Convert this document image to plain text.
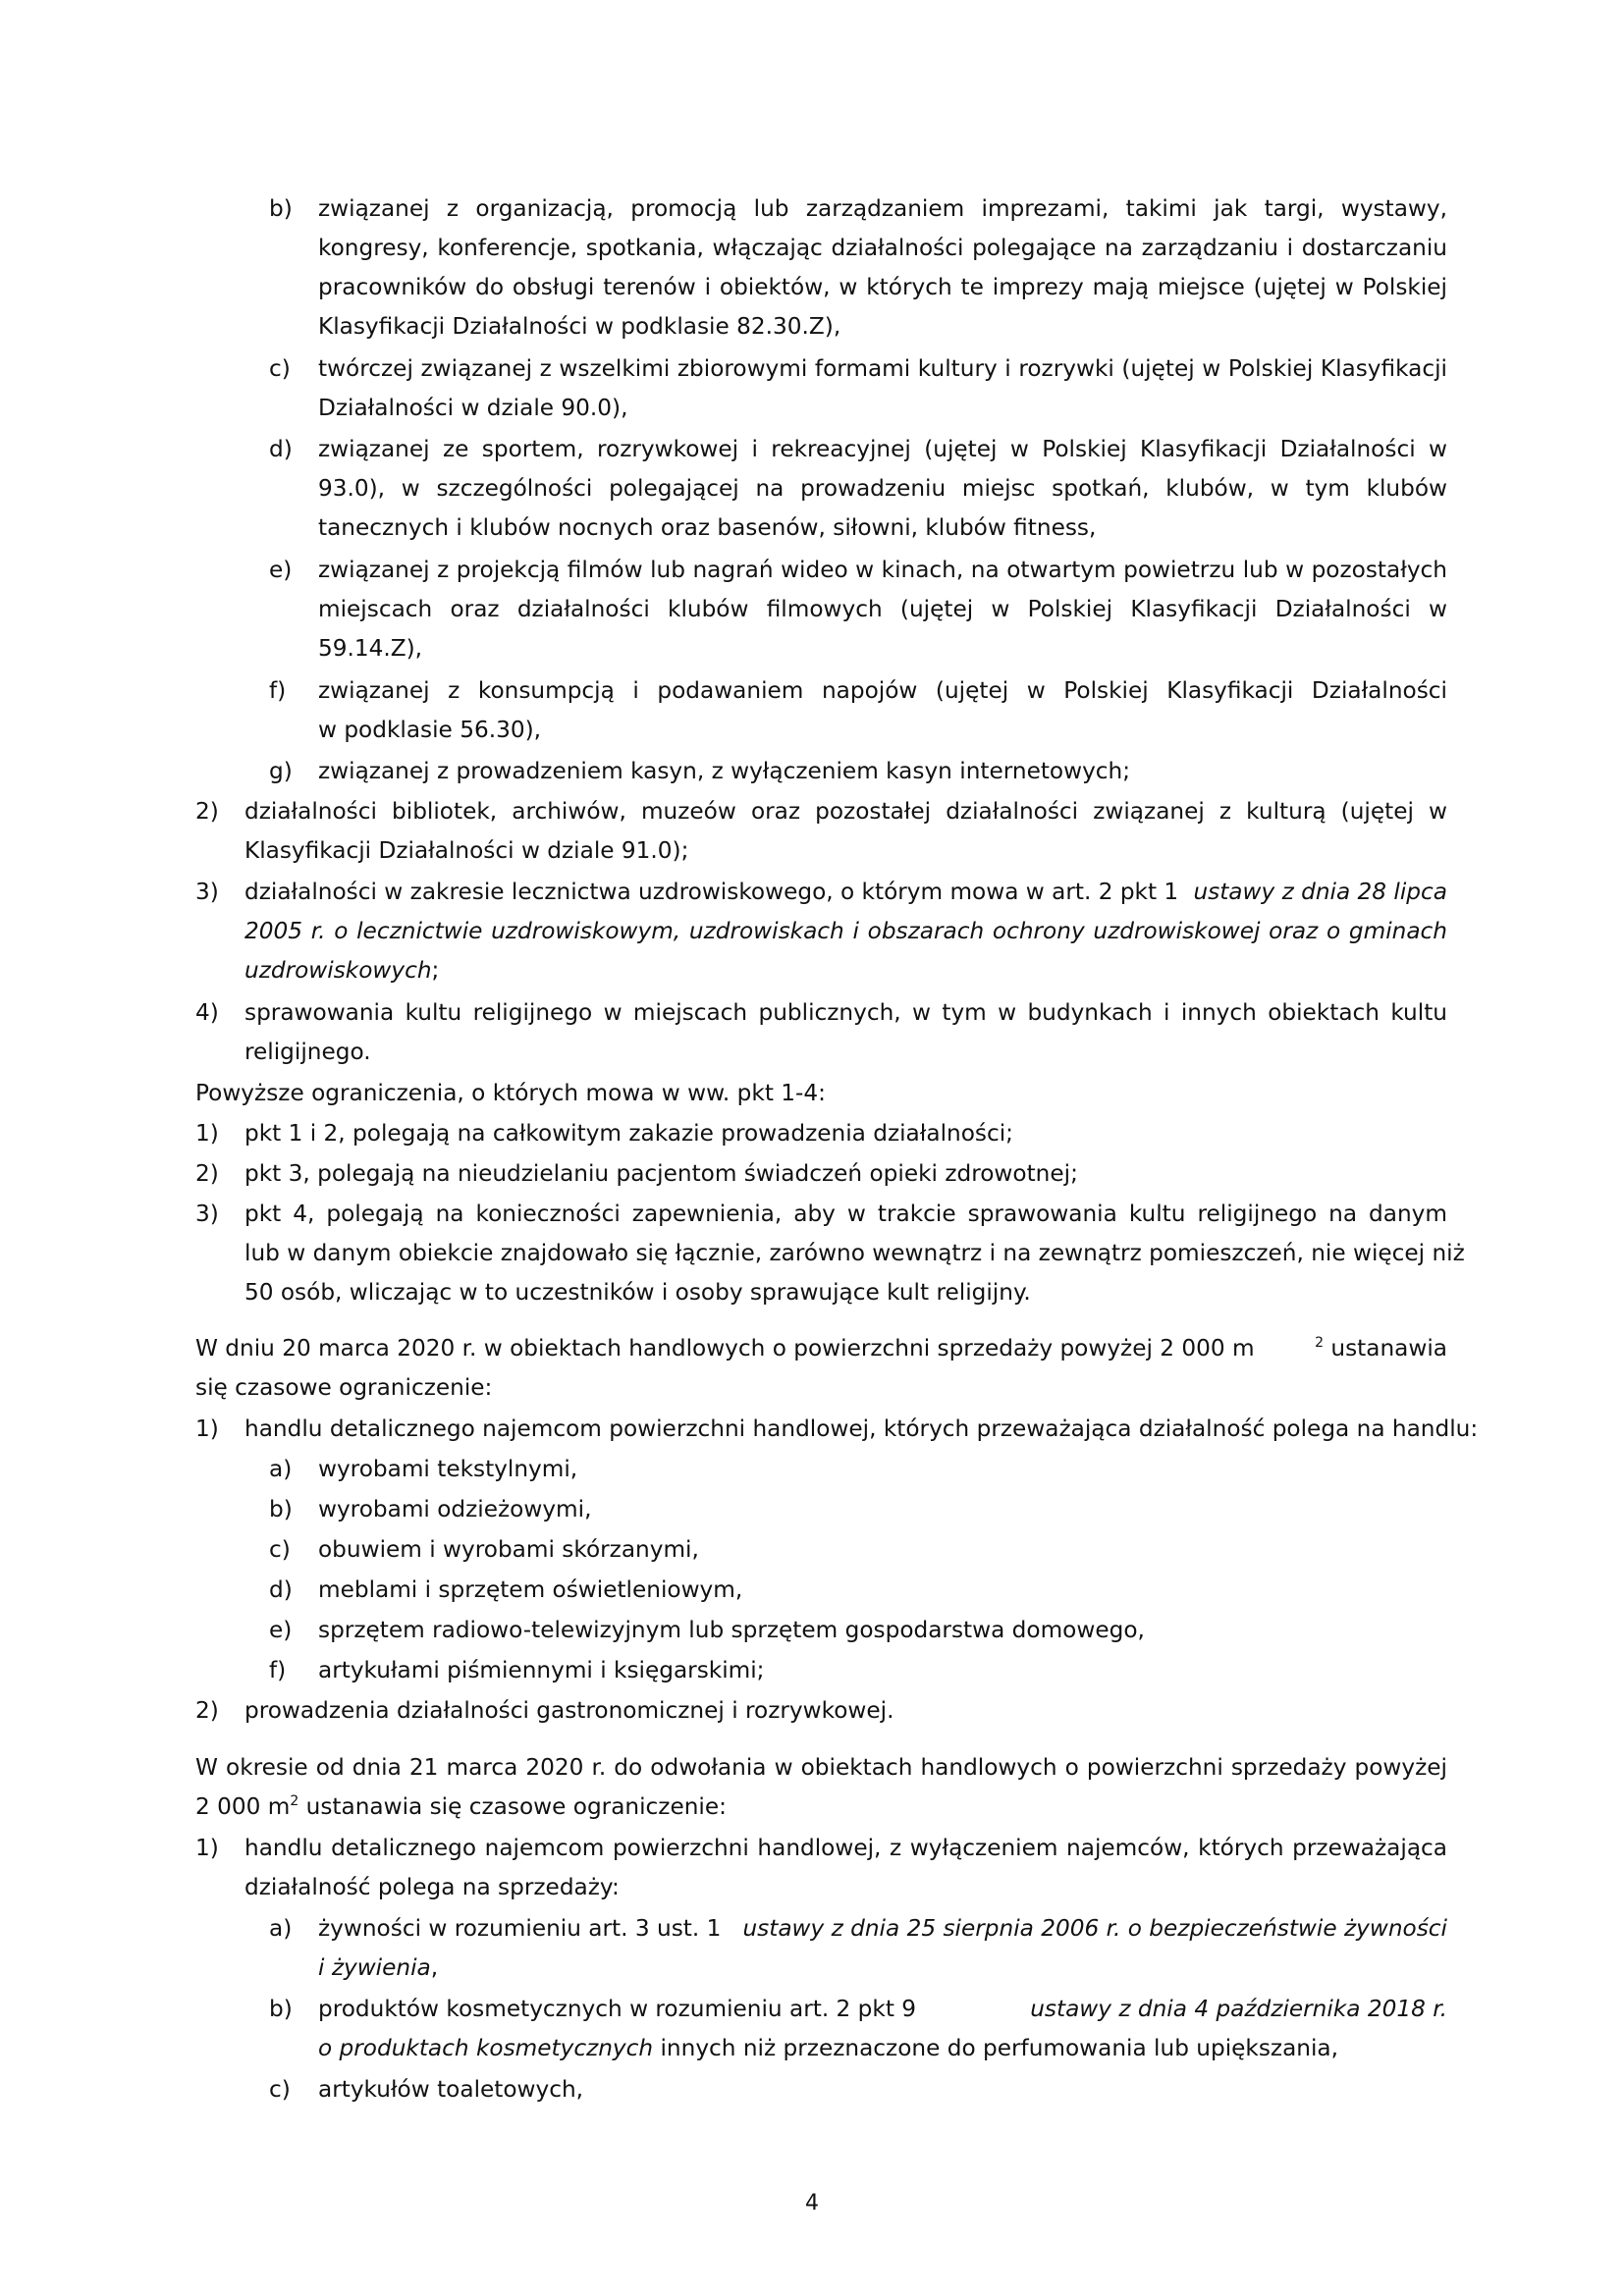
b) związanej z organizacją, promocją lub zarządzaniem imprezami, takimi jak targi, wystawy,
kongresy, konferencje, spotkania, włączając działalności polegające na zarządzaniu i dostarczaniu
pracowników do obsługi terenów i obiektów, w których te imprezy mają miejsce (ujętej w Polskiej
Klasyfikacji Działalności w podklasie 82.30.Z),
c) twórczej związanej z wszelkimi zbiorowymi formami kultury i rozrywki (ujętej w Polskiej Klasyfikacji
Działalności w dziale 90.0),
d) związanej ze sportem, rozrywkowej i rekreacyjnej (ujętej w Polskiej Klasyfikacji Działalności w
93.0), w szczególności polegającej na prowadzeniu miejsc spotkań, klubów, w tym klubów
tanecznych i klubów nocnych oraz basenów, siłowni, klubów fitness,
e) związanej z projekcją filmów lub nagrań wideo w kinach, na otwartym powietrzu lub w pozostałych
miejscach oraz działalności klubów filmowych (ujętej w Polskiej Klasyfikacji Działalności w
59.14.Z),
f) związanej z konsumpcją i podawaniem napojów (ujętej w Polskiej Klasyfikacji Działalności
w podklasie 56.30),
g) związanej z prowadzeniem kasyn, z wyłączeniem kasyn internetowych;
2) działalności bibliotek, archiwów, muzeów oraz pozostałej działalności związanej z kulturą (ujętej w
Klasyfikacji Działalności w dziale 91.0);
3) działalności w zakresie lecznictwa uzdrowiskowego, o którym mowa w art. 2 pkt 1 ustawy z dnia 28 lipca
2005 r. o lecznictwie uzdrowiskowym, uzdrowiskach i obszarach ochrony uzdrowiskowej oraz o gminach
uzdrowiskowych;
4) sprawowania kultu religijnego w miejscach publicznych, w tym w budynkach i innych obiektach kultu
religijnego.
Powyższe ograniczenia, o których mowa w ww. pkt 1-4:
1) pkt 1 i 2, polegają na całkowitym zakazie prowadzenia działalności;
2) pkt 3, polegają na nieudzielaniu pacjentom świadczeń opieki zdrowotnej;
3) pkt 4, polegają na konieczności zapewnienia, aby w trakcie sprawowania kultu religijnego na danym
lub w danym obiekcie znajdowało się łącznie, zarówno wewnątrz i na zewnątrz pomieszczeń, nie więcej niż
50 osób, wliczając w to uczestników i osoby sprawujące kult religijny.
W dniu 20 marca 2020 r. w obiektach handlowych o powierzchni sprzedaży powyżej 2 000 m	$^2$ ustanawia
się czasowe ograniczenie:
1) handlu detalicznego najemcom powierzchni handlowej, których przeważająca działalność polega na handlu:
a) wyrobami tekstylnymi,
b) wyrobami odzieżowymi,
c) obuwiem i wyrobami skórzanymi,
d) meblami i sprzętem oświetleniowym,
e) sprzętem radiowo-telewizyjnym lub sprzętem gospodarstwa domowego,
f) artykułami piśmiennymi i księgarskimi;
2) prowadzenia działalności gastronomicznej i rozrywkowej.
W okresie od dnia 21 marca 2020 r. do odwołania w obiektach handlowych o powierzchni sprzedaży powyżej
2 000 $m^2$ ustanawia się czasowe ograniczenie:
1) handlu detalicznego najemcom powierzchni handlowej, z wyłączeniem najemców, których przeważająca
działalność polega na sprzedaży:
a) żywności w rozumieniu art. 3 ust. 1 ustawy z dnia 25 sierpnia 2006 r. o bezpieczeństwie żywności
i żywienia,
b) produktów kosmetycznych w rozumieniu art. 2 pkt 9	ustawy z dnia 4 października 2018 r.
o produktach kosmetycznych innych niż przeznaczone do perfumowania lub upiększania,
c) artykułów toaletowych,
4
